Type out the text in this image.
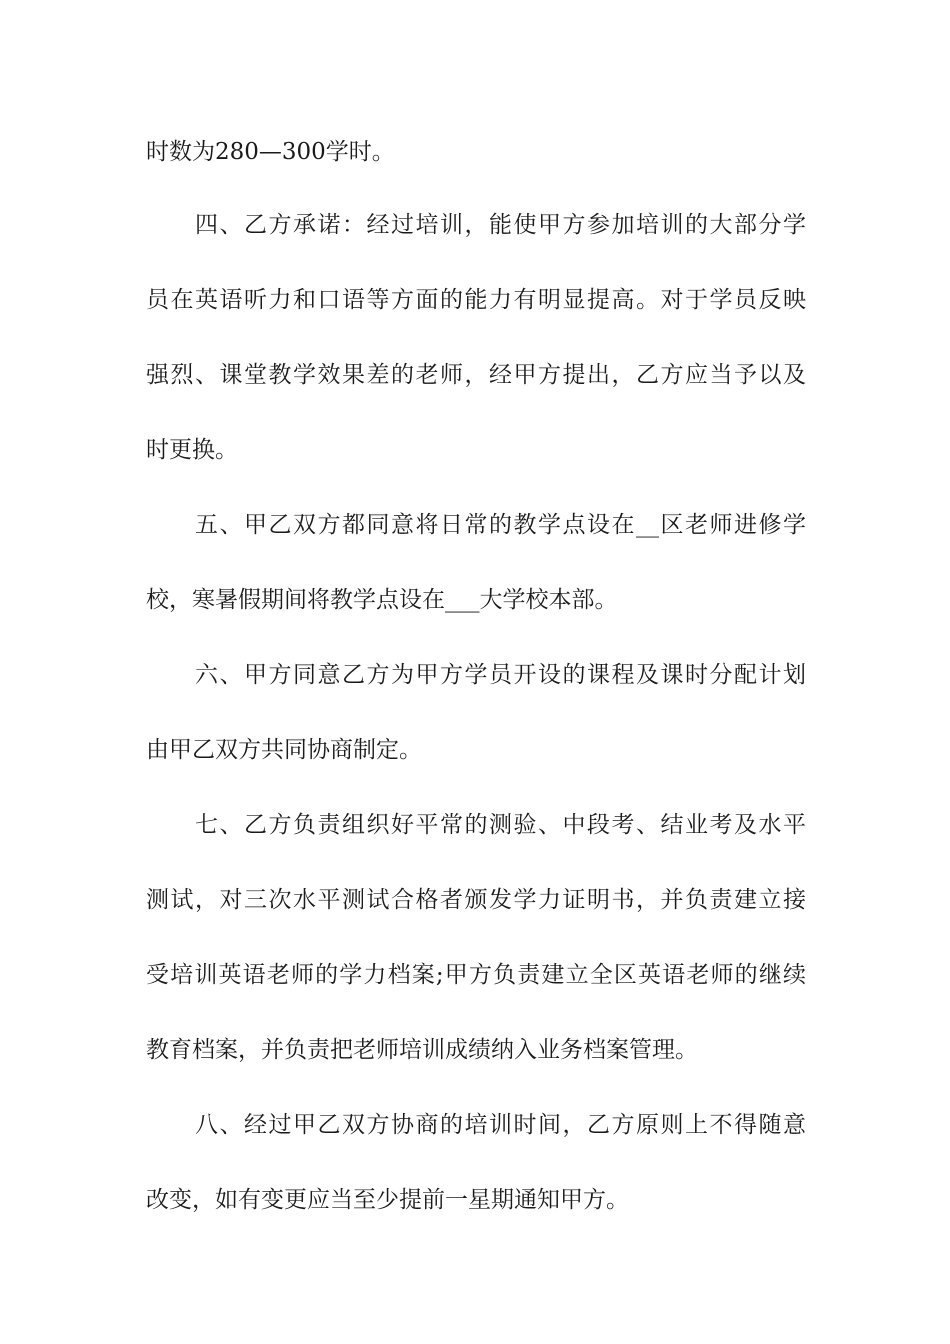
时数为280—300学时。

四、乙方承诺：经过培训，能使甲方参加培训的大部分学

员在英语听力和口语等方面的能力有明显提高。对于学员反映

强烈、课堂教学效果差的老师，经甲方提出，乙方应当予以及

时更换。

五、甲乙双方都同意将日常的教学点设在__区老师进修学

校，寒暑假期间将教学点设在___大学校本部。

六、甲方同意乙方为甲方学员开设的课程及课时分配计划

由甲乙双方共同协商制定。

七、乙方负责组织好平常的测验、中段考、结业考及水平

测试，对三次水平测试合格者颁发学力证明书，并负责建立接

受培训英语老师的学力档案;甲方负责建立全区英语老师的继续

教育档案，并负责把老师培训成绩纳入业务档案管理。

八、经过甲乙双方协商的培训时间，乙方原则上不得随意

改变，如有变更应当至少提前一星期通知甲方。
